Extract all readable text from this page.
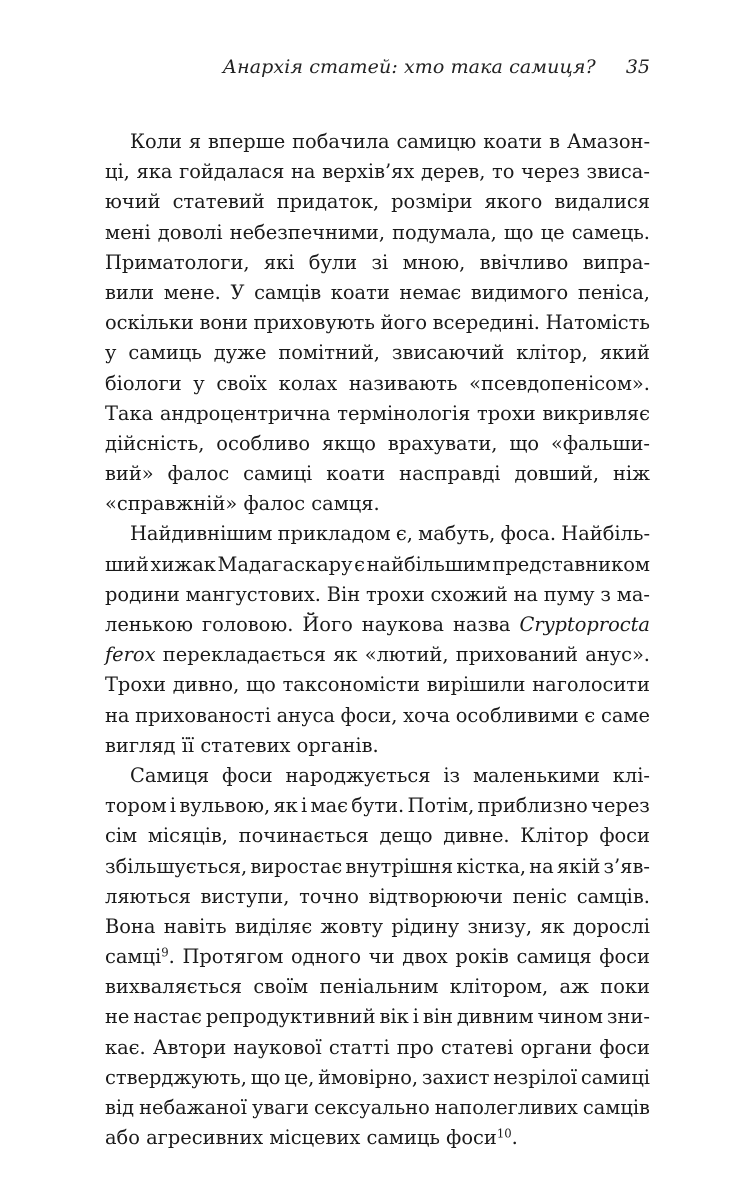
Анархія статей: хто така самиця? 35
Коли я вперше побачила самицю коати в Амазон-
ці, яка гойдалася на верхів’ях дерев, то через звиса-
ючий статевий придаток, розміри якого видалися
мені доволі небезпечними, подумала, що це самець.
Приматологи, які були зі мною, ввічливо випра-
вили мене. У самців коати немає видимого пеніса,
оскільки вони приховують його всередині. Натомість
у самиць дуже помітний, звисаючий клітор, який
біологи у своїх колах називають «псевдопенісом».
Така андроцентрична термінологія трохи викривляє
дійсність, особливо якщо врахувати, що «фальши-
вий» фалос самиці коати насправді довший, ніж
«справжній» фалос самця.
Найдивнішим прикладом є, мабуть, фоса. Найбіль-
ший хижак Мадагаскару є найбільшим представником
родини мангустових. Він трохи схожий на пуму з ма-
ленькою головою. Його наукова назва Cryptoprocta
ferox перекладається як «лютий, прихований анус».
Трохи дивно, що таксономісти вирішили наголосити
на прихованості ануса фоси, хоча особливими є саме
вигляд її статевих органів.
Самиця фоси народжується із маленькими клі-
тором і вульвою, як і має бути. Потім, приблизно через
сім місяців, починається дещо дивне. Клітор фоси
збільшується, виростає внутрішня кістка, на якій з’яв-
ляються виступи, точно відтворюючи пеніс самців.
Вона навіть виділяє жовту рідину знизу, як дорослі
самці$^9$. Протягом одного чи двох років самиця фоси
вихваляється своїм пеніальним клітором, аж поки
не настає репродуктивний вік і він дивним чином зни-
кає. Автори наукової статті про статеві органи фоси
стверджують, що це, ймовірно, захист незрілої самиці
від небажаної уваги сексуально наполегливих самців
або агресивних місцевих самиць фоси$^{10}$.
